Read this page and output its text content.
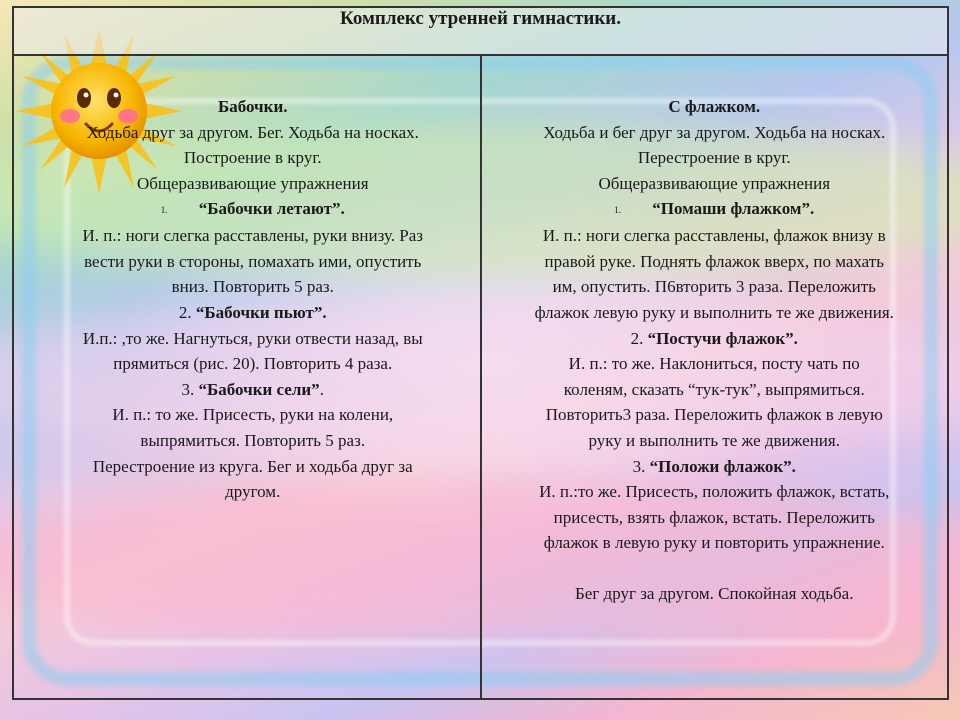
Комплекс утренней гимнастики.

Бабочки.
Ходьба друг за другом. Бег. Ходьба на носках.
Построение в круг.
Общеразвивающие упражнения
1. “Бабочки летают”.
И. п.: ноги слегка расставлены, руки внизу. Раз
вести руки в стороны, помахать ими, опустить
вниз. Повторить 5 раз.
2. “Бабочки пьют”.
И.п.: ,то же. Нагнуться, руки отвести назад, вы
прямиться (рис. 20). Повторить 4 раза.
3. “Бабочки сели”.
И. п.: то же. Присесть, руки на колени,
выпрямиться. Повторить 5 раз.
Перестроение из круга. Бег и ходьба друг за
другом.

С флажком.
Ходьба и бег друг за другом. Ходьба на носках.
Перестроение в круг.
Общеразвивающие упражнения
1. “Помаши флажком”.
И. п.: ноги слегка расставлены, флажок внизу в
правой руке. Поднять флажок вверх, по махать
им, опустить. П6вторить 3 раза. Переложить
флажок левую руку и выполнить те же движения.
2. “Постучи флажок”.
И. п.: то же. Наклониться, посту чать по
коленям, сказать “тук-тук”, выпрямиться.
Повторить3 раза. Переложить флажок в левую
руку и выполнить те же движения.
3. “Положи флажок”.
И. п.:то же. Присесть, положить флажок, встать,
присесть, взять флажок, встать. Переложить
флажок в левую руку и повторить упражнение.
Бег друг за другом. Спокойная ходьба.
